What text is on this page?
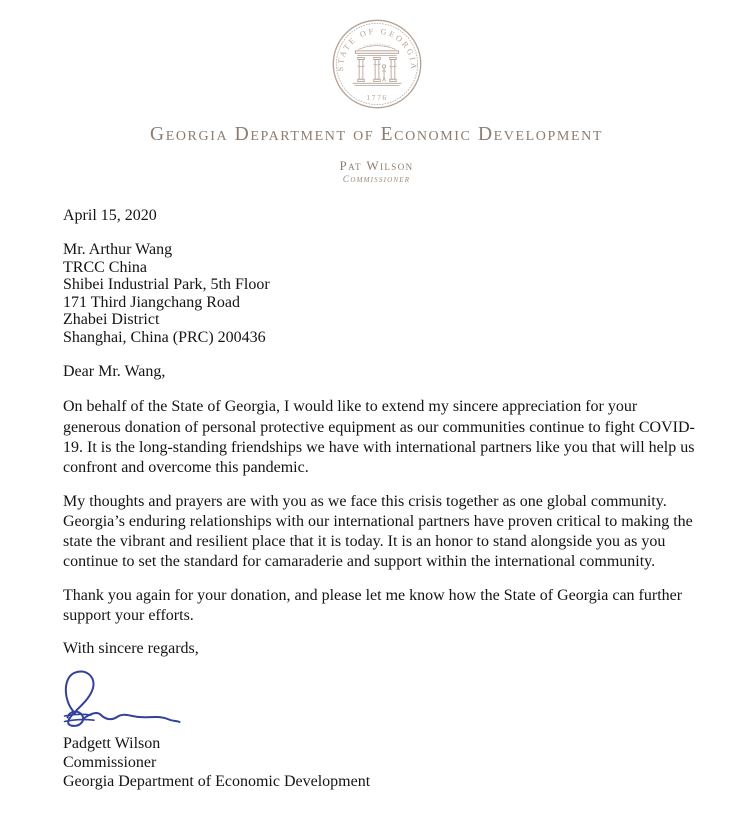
STATE OF GEORGIA
CONSTITUTION
1776
Georgia Department of Economic Development
Pat Wilson
Commissioner
April 15, 2020
Mr. Arthur Wang
TRCC China
Shibei Industrial Park, 5th Floor
171 Third Jiangchang Road
Zhabei District
Shanghai, China (PRC) 200436
Dear Mr. Wang,

On behalf of the State of Georgia, I would like to extend my sincere appreciation for your generous donation of personal protective equipment as our communities continue to fight COVID-19. It is the long-standing friendships we have with international partners like you that will help us confront and overcome this pandemic.

My thoughts and prayers are with you as we face this crisis together as one global community. Georgia’s enduring relationships with our international partners have proven critical to making the state the vibrant and resilient place that it is today. It is an honor to stand alongside you as you continue to set the standard for camaraderie and support within the international community.

Thank you again for your donation, and please let me know how the State of Georgia can further support your efforts.

With sincere regards,
Padgett Wilson
Commissioner
Georgia Department of Economic Development
